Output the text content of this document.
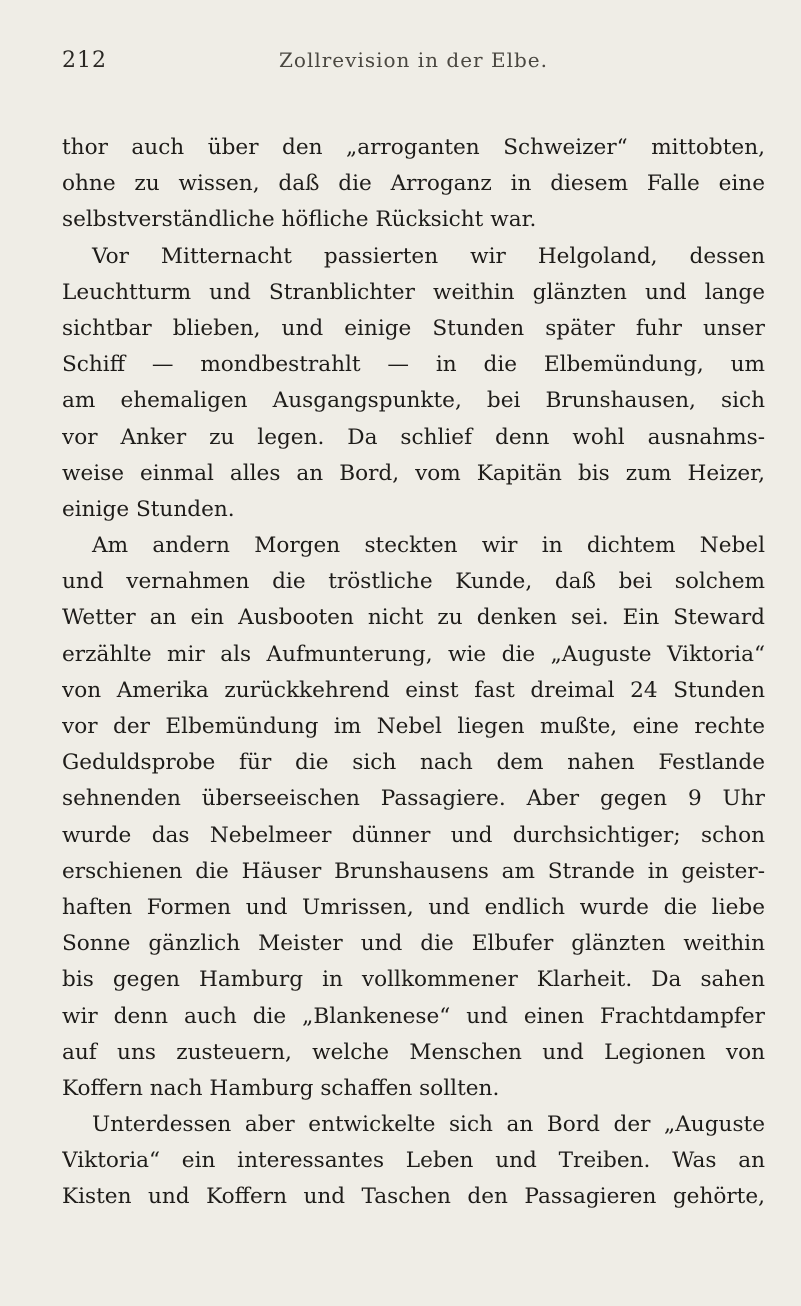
212	Zollrevision in der Elbe.
thor auch über den „arroganten Schweizer“ mittobten,
ohne zu wissen, daß die Arroganz in diesem Falle eine
selbstverständliche höfliche Rücksicht war.
Vor Mitternacht passierten wir Helgoland, dessen
Leuchtturm und Stranblichter weithin glänzten und lange
sichtbar blieben, und einige Stunden später fuhr unser
Schiff — mondbestrahlt — in die Elbemündung, um
am ehemaligen Ausgangspunkte, bei Brunshausen, sich
vor Anker zu legen. Da schlief denn wohl ausnahms-
weise einmal alles an Bord, vom Kapitän bis zum Heizer,
einige Stunden.
Am andern Morgen steckten wir in dichtem Nebel
und vernahmen die tröstliche Kunde, daß bei solchem
Wetter an ein Ausbooten nicht zu denken sei. Ein Steward
erzählte mir als Aufmunterung, wie die „Auguste Viktoria“
von Amerika zurückkehrend einst fast dreimal 24 Stunden
vor der Elbemündung im Nebel liegen mußte, eine rechte
Geduldsprobe für die sich nach dem nahen Festlande
sehnenden überseeischen Passagiere. Aber gegen 9 Uhr
wurde das Nebelmeer dünner und durchsichtiger; schon
erschienen die Häuser Brunshausens am Strande in geister-
haften Formen und Umrissen, und endlich wurde die liebe
Sonne gänzlich Meister und die Elbufer glänzten weithin
bis gegen Hamburg in vollkommener Klarheit. Da sahen
wir denn auch die „Blankenese“ und einen Frachtdampfer
auf uns zusteuern, welche Menschen und Legionen von
Koffern nach Hamburg schaffen sollten.
Unterdessen aber entwickelte sich an Bord der „Auguste
Viktoria“ ein interessantes Leben und Treiben. Was an
Kisten und Koffern und Taschen den Passagieren gehörte,
